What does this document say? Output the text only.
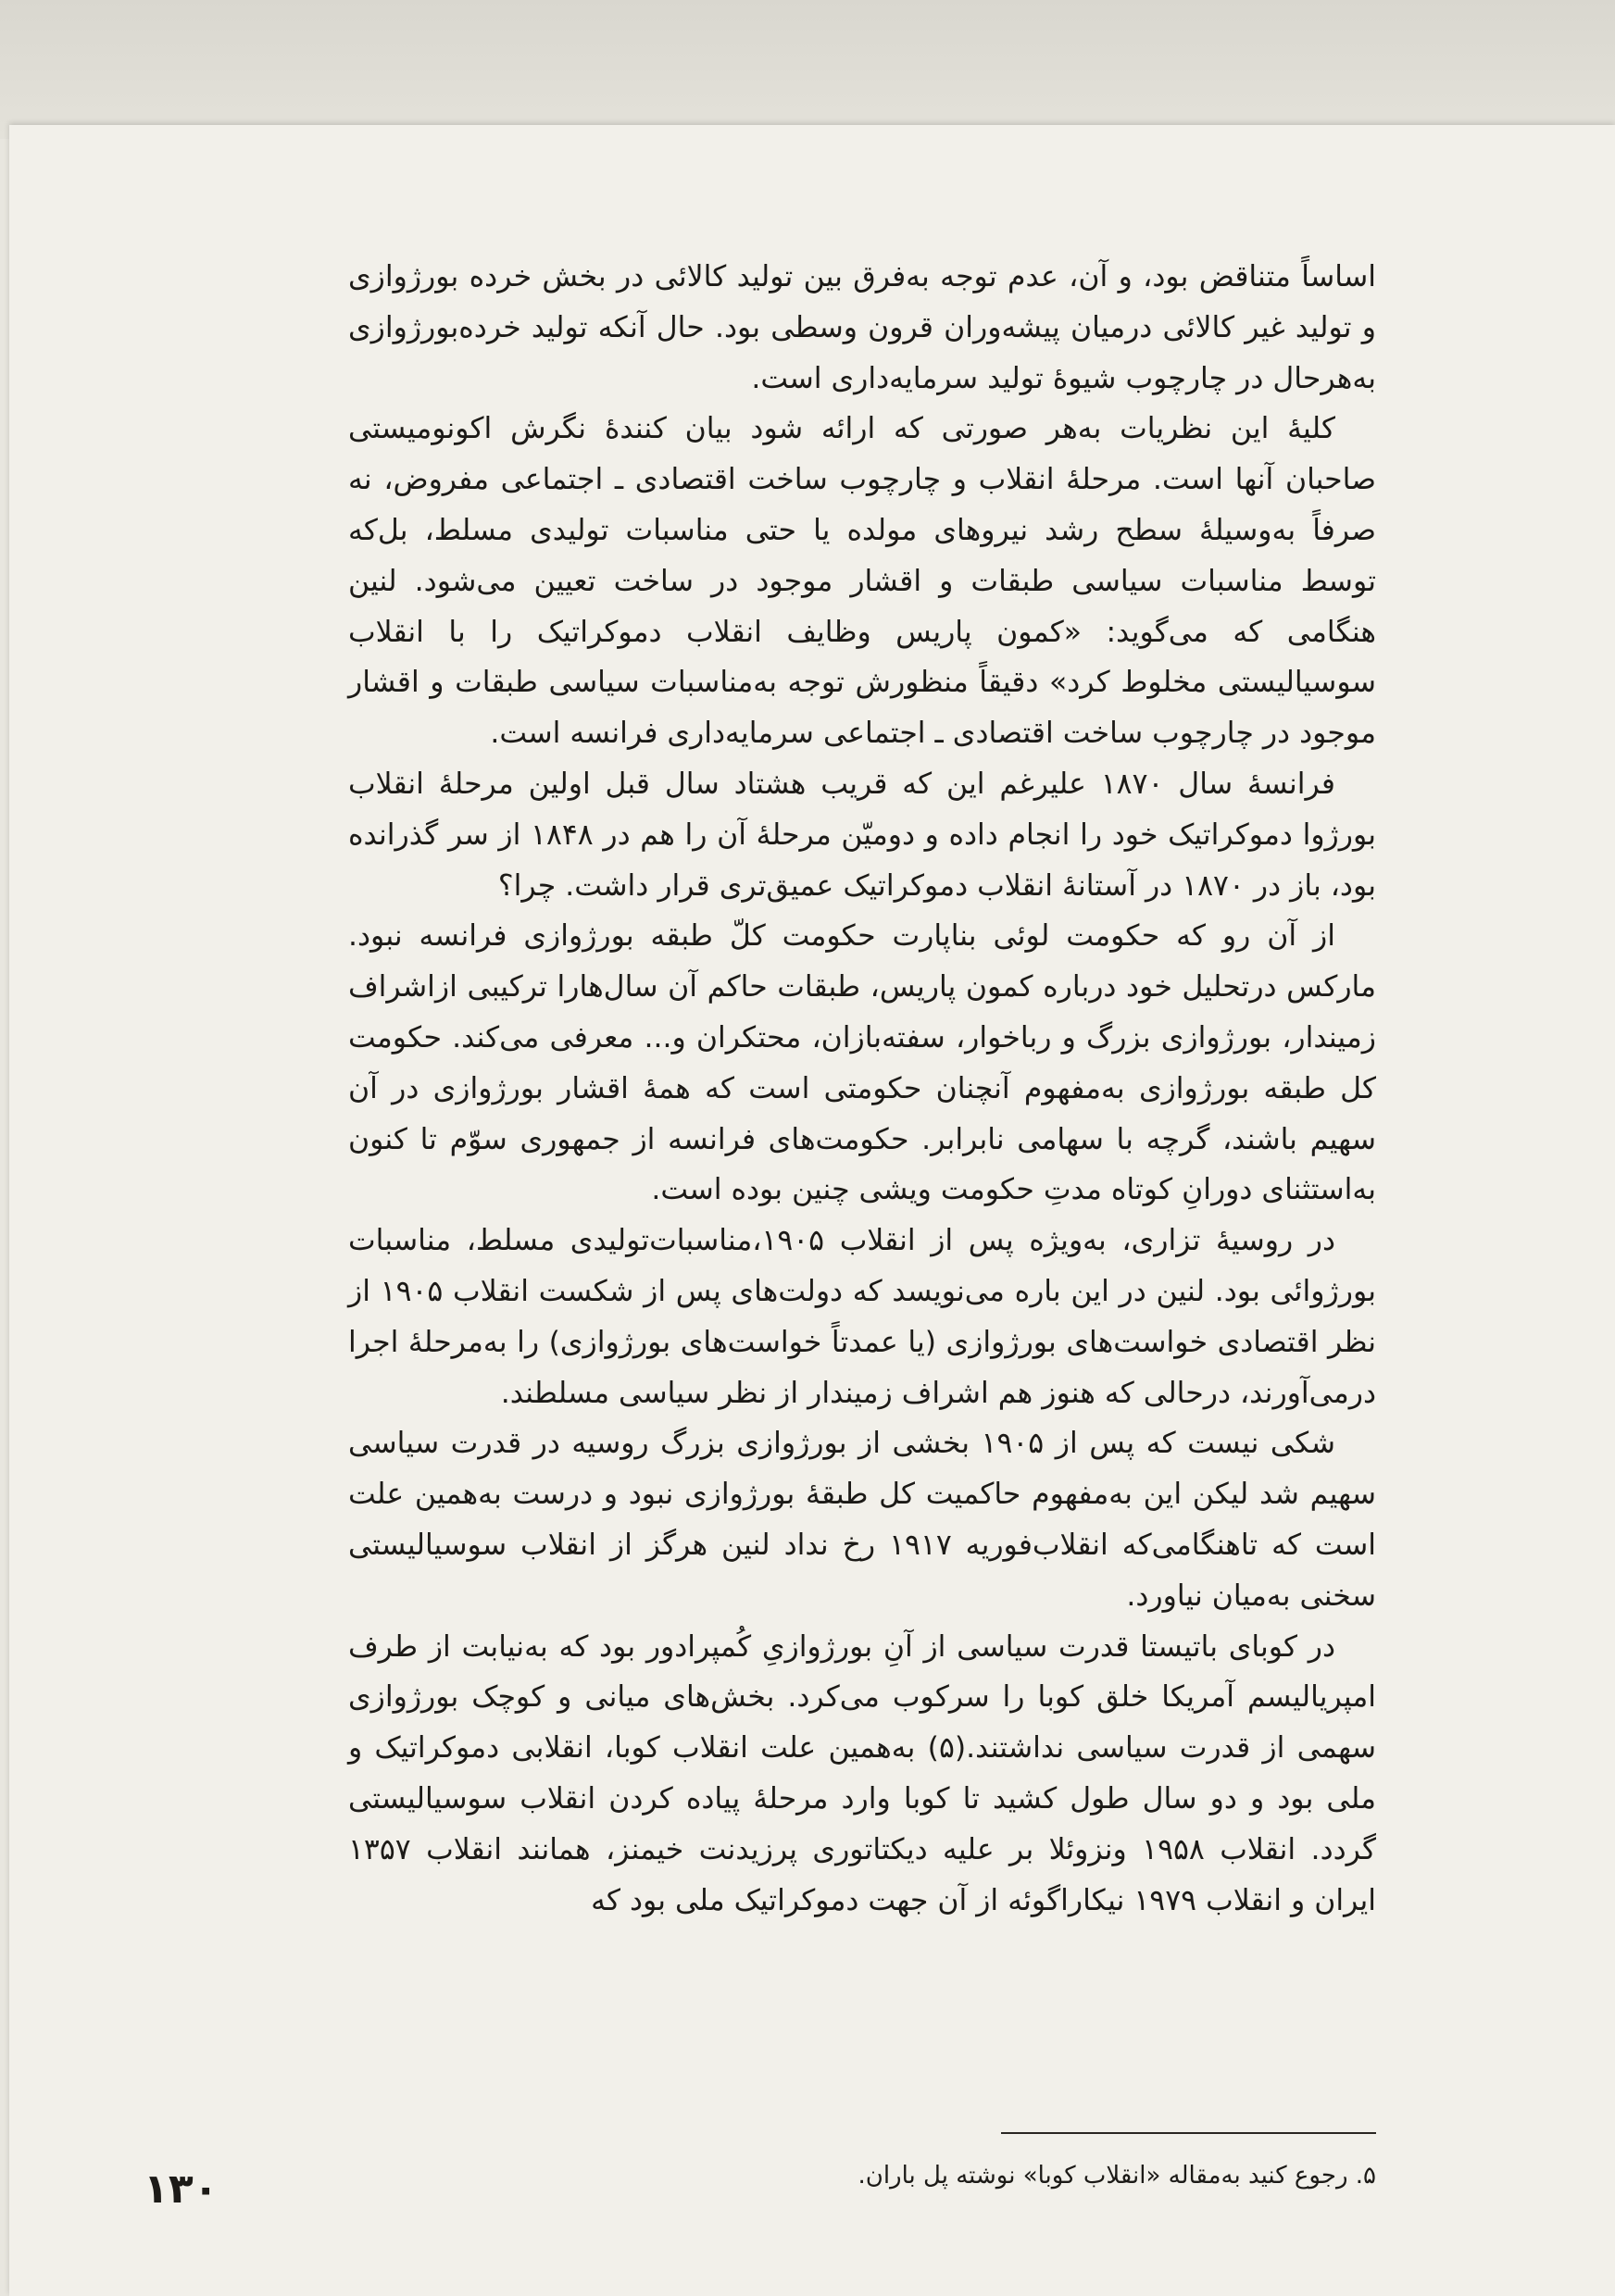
اساساً متناقض بود، و آن، عدم توجه به‌فرق بین تولید کالائی در بخش خرده بورژوازی و تولید غیر کالائی درمیان پیشه‌وران قرون وسطی بود. حال آنکه تولید خرده‌بورژوازی به‌هرحال در چارچوب شیوهٔ تولید سرمایه‌داری است.

کلیهٔ این نظریات به‌هر صورتی که ارائه شود بیان کنندهٔ نگرش اکونومیستی صاحبان آنها است. مرحلهٔ انقلاب و چارچوب ساخت اقتصادی ـ اجتماعی مفروض، نه صرفاً به‌وسیلهٔ سطح رشد نیروهای مولده یا حتی مناسبات تولیدی مسلط، بل‌که توسط مناسبات سیاسی طبقات و اقشار موجود در ساخت تعیین می‌شود. لنین هنگامی که می‌گوید: «کمون پاریس وظایف انقلاب دموکراتیک را با انقلاب سوسیالیستی مخلوط کرد» دقیقاً منظورش توجه به‌مناسبات سیاسی طبقات و اقشار موجود در چارچوب ساخت اقتصادی ـ اجتماعی سرمایه‌داری فرانسه است.

فرانسهٔ سال ۱۸۷۰ علیرغم این که قریب هشتاد سال قبل اولین مرحلهٔ انقلاب بورژوا دموکراتیک خود را انجام داده و دومیّن مرحلهٔ آن را هم در ۱۸۴۸ از سر گذرانده بود، باز در ۱۸۷۰ در آستانهٔ انقلاب دموکراتیک عمیق‌تری قرار داشت. چرا؟

از آن رو که حکومت لوئی بناپارت حکومت کلّ طبقه بورژوازی فرانسه نبود. مارکس درتحلیل خود درباره کمون پاریس، طبقات حاکم آن سال‌هارا ترکیبی ازاشراف زمیندار، بورژوازی بزرگ و رباخوار، سفته‌بازان، محتکران و... معرفی می‌کند. حکومت کل طبقه بورژوازی به‌مفهوم آنچنان حکومتی است که همهٔ اقشار بورژوازی در آن سهیم باشند، گرچه با سهامی نابرابر. حکومت‌های فرانسه از جمهوری سوّم تا کنون به‌استثنای دورانِ کوتاه مدتِ حکومت ویشی چنین بوده است.

در روسیهٔ تزاری، به‌ویژه پس از انقلاب ۱۹۰۵،مناسبات‌تولیدی مسلط، مناسبات بورژوائی بود. لنین در این باره می‌نویسد که دولت‌های پس از شکست انقلاب ۱۹۰۵ از نظر اقتصادی خواست‌های بورژوازی (یا عمدتاً خواست‌های بورژوازی) را به‌مرحلهٔ اجرا درمی‌آورند، درحالی که هنوز هم اشراف زمیندار از نظر سیاسی مسلطند.

شکی نیست که پس از ۱۹۰۵ بخشی از بورژوازی بزرگ روسیه در قدرت سیاسی سهیم شد لیکن این به‌مفهوم حاکمیت کل طبقهٔ بورژوازی نبود و درست به‌همین علت است که تاهنگامی‌که انقلاب‌فوریه ۱۹۱۷ رخ نداد لنین هرگز از انقلاب سوسیالیستی سخنی به‌میان نیاورد.

در کوبای باتیستا قدرت سیاسی از آنِ بورژوازیِ کُمپرادور بود که به‌نیابت از طرف امپریالیسم آمریکا خلق کوبا را سرکوب می‌کرد. بخش‌های میانی و کوچک بورژوازی سهمی از قدرت سیاسی نداشتند.(۵) به‌همین علت انقلاب کوبا، انقلابی دموکراتیک و ملی بود و دو سال طول کشید تا کوبا وارد مرحلهٔ پیاده کردن انقلاب سوسیالیستی گردد. انقلاب ۱۹۵۸ ونزوئلا بر علیه دیکتاتوری پرزیدنت خیمنز، همانند انقلاب ۱۳۵۷ ایران و انقلاب ۱۹۷۹ نیکاراگوئه از آن جهت دموکراتیک ملی بود که

۵. رجوع کنید به‌مقاله «انقلاب کوبا» نوشته پل باران.
۱۳۰
